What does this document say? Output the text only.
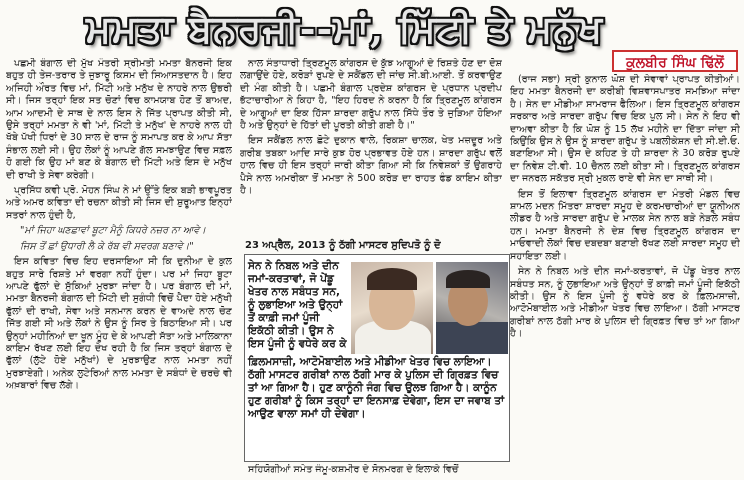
ਮਮਤਾ ਬੈਨਰਜੀ--ਮਾਂ, ਮਿੱਟੀ ਤੇ ਮਨੁੱਖ
ਕੁਲਬੀਰ ਸਿੰਘ ਢਿੱਲੋਂ

ਪਛਮੀ ਬੰਗਾਲ ਦੀ ਮੁੱਖ ਮੰਤਰੀ ਸ੍ਰੀਮਤੀ ਮਮਤਾ ਬੈਨਰਜੀ ਇਕ ਬਹੁਤ ਹੀ ਤੇਜ-ਤਰਾਰ ਤੇ ਜੁਝਾਰੂ ਕਿਸਮ ਦੀ ਸਿਆਸਤਦਾਨ ਹੈ। ਇਹ ਅਜਿਹੀ ਔਰਤ ਵਿਚ ਮਾਂ, ਮਿੱਟੀ ਅਤੇ ਮਨੁੱਖ ਦੇ ਨਾਹਰੇ ਨਾਲ ਉਭਰੀ ਸੀ। ਜਿਸ ਤਰ੍ਹਾਂ ਇਕ ਸਤ ਚੋਣਾਂ ਵਿਚ ਕਾਮਯਾਬ ਹੋਣ ਤੋਂ ਬਾਅਦ, ਆਮ ਆਦਮੀ ਦੇ ਸਾਥ ਦੇ ਨਾਲ ਇਸ ਨੇ ਜਿੱਤ ਪ੍ਰਾਪਤ ਕੀਤੀ ਸੀ, ਉਸੇ ਤਰ੍ਹਾਂ ਮਮਤਾ ਨੇ ਵੀ 'ਮਾਂ, ਮਿੱਟੀ ਤੇ ਮਨੁੱਖ' ਦੇ ਨਾਹਰੇ ਨਾਲ ਹੀ ਖੱਬੇ ਪੱਖੀ ਧਿਰਾਂ ਦੇ 30 ਸਾਲ ਦੇ ਰਾਜ ਨੂੰ ਸਮਾਪਤ ਕਰ ਕੇ ਆਪ ਸੱਤਾ ਸੰਭਾਲ ਲਈ ਸੀ। ਉਹ ਲੋਕਾਂ ਨੂੰ ਆਪਣੇ ਗੱਲ ਸਮਝਾਉਣ ਵਿਚ ਸਫ਼ਲ ਹੋ ਗਈ ਕਿ ਉਹ ਮਾਂ ਬਣ ਕੇ ਬੰਗਾਲ ਦੀ ਮਿੱਟੀ ਅਤੇ ਇਸ ਦੇ ਮਨੁੱਖ ਦੀ ਰਾਖੀ ਤੇ ਸੇਵਾ ਕਰੇਗੀ।

ਪ੍ਰਸਿੱਧ ਕਵੀ ਪ੍ਰੋ. ਮੋਹਨ ਸਿੰਘ ਨੇ ਮਾਂ ਉੱਤੇ ਇਕ ਬੜੀ ਭਾਵਪੂਰਤ ਅਤੇ ਅਮਰ ਕਵਿਤਾ ਦੀ ਰਚਨਾ ਕੀਤੀ ਸੀ ਜਿਸ ਦੀ ਸ਼ੁਰੂਆਤ ਇਨ੍ਹਾਂ ਸਤਰਾਂ ਨਾਲ ਹੁੰਦੀ ਹੈ,

"ਮਾਂ ਜਿਹਾ ਘਣਛਾਵਾਂ ਬੂਟਾ ਮੈਨੂੰ ਕਿਧਰੇ ਨਜ਼ਰ ਨਾ ਆਵੇ।

ਜਿਸ ਤੋਂ ਛਾਂ ਉਧਾਰੀ ਲੈ ਕੇ ਰੱਬ ਵੀ ਸਵਰਗ ਬਣਾਵੇ।"

ਇਸ ਕਵਿਤਾ ਵਿਚ ਇਹ ਦਰਸਾਇਆ ਸੀ ਕਿ ਦੁਨੀਆ ਦੇ ਕੁਲ ਬਹੁਤ ਸਾਰੇ ਰਿਸ਼ਤੇ ਮਾਂ ਵਰਗਾ ਨਹੀਂ ਹੁੰਦਾ। ਪਰ ਮਾਂ ਜਿਹਾ ਬੂਟਾ ਆਪਣੇ ਫੁੱਲਾਂ ਦੇ ਸੁੱਕਿਆਂ ਮੁਰਝਾ ਜਾਂਦਾ ਹੈ। ਪਰ ਬੰਗਾਲ ਦੀ ਮਾਂ, ਮਮਤਾ ਬੈਨਰਜੀ ਬੰਗਾਲ ਦੀ ਮਿੱਟੀ ਦੀ ਸੁਗੰਧੀ ਵਿਚੋਂ ਪੈਦਾ ਹੋਏ ਮਨੁੱਖੀ ਫੁੱਲਾਂ ਦੀ ਰਾਖੀ, ਸੇਵਾ ਅਤੇ ਸਨਮਾਨ ਕਰਨ ਦੇ ਵਾਅਦੇ ਨਾਲ ਚੋਣ ਜਿੱਤ ਗਈ ਸੀ ਅਤੇ ਲੋਕਾਂ ਨੇ ਉਸ ਨੂੰ ਸਿਰ ਤੇ ਬਿਠਾਇਆ ਸੀ। ਪਰ ਉਨ੍ਹਾਂ ਮਹੀਨਿਆਂ ਦਾ ਖੂਨ ਮੂੰਹ ਦੇ ਕੇ ਆਪਣੀ ਸੱਤਾ ਅਤੇ ਮਾਲਿਕਾਨਾ ਕਾਇਮ ਰੱਖਣ ਲਈ ਇਹ ਦੇਖ ਰਹੀ ਹੈ ਕਿ ਜਿਸ ਤਰ੍ਹਾਂ ਬੰਗਾਲ ਦੇ ਫੁੱਲਾਂ (ਲੁੱਟੇ ਹੋਏ ਮਨੁੱਖਾਂ) ਦੇ ਮੁਰਝਾਉਣ ਨਾਲ ਮਮਤਾ ਨਹੀਂ ਮੁਰਝਾਏਗੀ। ਅਨੇਕ ਲੁਟੇਰਿਆਂ ਨਾਲ ਮਮਤਾ ਦੇ ਸਬੰਧਾਂ ਦੇ ਚਰਚੇ ਵੀ ਅਖ਼ਬਾਰਾਂ ਵਿਚ ਲੱਗੇ।

ਨਾਲ ਸੰਤਾਧਾਰੀ ਤ੍ਰਿਣਮੂਲ ਕਾਂਗਰਸ ਦੇ ਕੁੱਝ ਆਗੂਆਂ ਦੇ ਰਿਸ਼ਤੇ ਹੋਣ ਦਾ ਦੋਸ਼ ਲਗਾਉਂਦੇ ਹੋਏ, ਕਰੋੜਾਂ ਰੁਪਏ ਦੇ ਸਕੈਂਡਲ ਦੀ ਜਾਂਚ ਸੀ.ਬੀ.ਆਈ. ਤੋਂ ਕਰਵਾਉਣ ਦੀ ਮੰਗ ਕੀਤੀ ਹੈ। ਪਛਮੀ ਬੰਗਾਲ ਪ੍ਰਦੇਸ਼ ਕਾਂਗਰਸ ਦੇ ਪ੍ਰਧਾਨ ਪ੍ਰਦੀਪ ਭੱਟਾਚਾਰੀਆ ਨੇ ਕਿਹਾ ਹੈ, "ਇਹ ਹਿਰਦ ਨੇ ਕਰਨਾ ਹੈ ਕਿ ਤ੍ਰਿਣਮੂਲ ਕਾਂਗਰਸ ਦੇ ਆਗੂਆਂ ਦਾ ਇਕ ਹਿੱਸਾ ਸ਼ਾਰਦਾ ਗਰੁੱਪ ਨਾਲ ਸਿੱਧੇ ਤੌਰ ਤੇ ਜੁੜਿਆ ਹੋਇਆ ਹੈ ਅਤੇ ਉਨ੍ਹਾਂ ਦੇ ਹਿੱਤਾਂ ਦੀ ਪੂਰਤੀ ਕੀਤੀ ਗਈ ਹੈ।"

ਇਸ ਸਕੈਂਡਲ ਨਾਲ ਛੋਟੇ ਦੁਕਾਨ ਵਾਲੇ, ਰਿਕਸ਼ਾ ਚਾਲਕ, ਖੇਤ ਮਜ਼ਦੂਰ ਅਤੇ ਗਰੀਬ ਤਬਕਾ ਆਦਿ ਸਾਰੇ ਕੁਝ ਹੋਰ ਪ੍ਰਭਾਵਤ ਹੋਏ ਹਨ। ਸ਼ਾਰਦਾ ਗਰੁੱਪ ਵਲੋਂ ਹਾਲ ਵਿਚ ਹੀ ਇਸ ਤਰ੍ਹਾਂ ਜਾਰੀ ਕੀਤਾ ਗਿਆ ਸੀ ਕਿ ਨਿਵੇਸ਼ਕਾਂ ਤੋਂ ਉਗਰਾਹੇ ਪੈਸੇ ਨਾਲ ਅਮਰੀਕਾ ਤੋਂ ਮਮਤਾ ਨੇ 500 ਕਰੋੜ ਦਾ ਰਾਹਤ ਫੰਡ ਕਾਇਮ ਕੀਤਾ ਹੈ।

23 ਅਪ੍ਰੈਲ, 2013 ਨੂੰ ਠੱਗੀ ਮਾਸਟਰ ਸੁਦਿਪਤੋ ਨੂੰ ਦੋ
ਸੇਨ ਨੇ ਨਿਬਲ ਅਤੇ ਦੀਨ ਜਮਾਂ-ਕਰਤਾਵਾਂ, ਜੋ ਪੇਂਡੂ ਖੇਤਰ ਨਾਲ ਸਬੰਧਤ ਸਨ, ਨੂੰ ਲੁਭਾਇਆ ਅਤੇ ਉਨ੍ਹਾਂ ਤੋਂ ਕਾਫ਼ੀ ਜਮਾਂ ਪੂੰਜੀ ਇਕੱਠੀ ਕੀਤੀ। ਉਸ ਨੇ ਇਸ ਪੂੰਜੀ ਨੂੰ ਵਧੇਰੇ ਕਰ ਕੇ
ਫ਼ਿਲਮਸਾਜ਼ੀ, ਆਟੋਮੋਬਾਈਲ ਅਤੇ ਮੀਡੀਆ ਖੇਤਰ ਵਿਚ ਲਾਇਆ। ਠੱਗੀ ਮਾਸਟਰ ਗਰੀਬਾਂ ਨਾਲ ਠੱਗੀ ਮਾਰ ਕੇ ਪੁਲਿਸ ਦੀ ਗ੍ਰਿਫ਼ਤ ਵਿਚ ਤਾਂ ਆ ਗਿਆ ਹੈ। ਹੁਣ ਕਾਨੂੰਨੀ ਜੰਗ ਵਿਚ ਉਲਝ ਗਿਆ ਹੈ। ਕਾਨੂੰਨ ਹੁਣ ਗਰੀਬਾਂ ਨੂੰ ਕਿਸ ਤਰ੍ਹਾਂ ਦਾ ਇਨਸਾਫ਼ ਦੇਵੇਗਾ, ਇਸ ਦਾ ਜਵਾਬ ਤਾਂ ਆਉਣ ਵਾਲਾ ਸਮਾਂ ਹੀ ਦੇਵੇਗਾ।
ਸਹਿਯੋਗੀਆਂ ਸਮੇਤ ਜੰਮੂ-ਕਸ਼ਮੀਰ ਦੇ ਸੋਨਮਰਗ ਦੇ ਇਲਾਕੇ ਵਿਚੋਂ

(ਰਾਜ ਸਭਾ) ਸ੍ਰੀ ਕੁਨਾਲ ਘੋਸ਼ ਦੀ ਸੇਵਾਵਾਂ ਪ੍ਰਾਪਤ ਕੀਤੀਆਂ। ਇਹ ਮਮਤਾ ਬੈਨਰਜੀ ਦਾ ਕਰੀਬੀ ਵਿਸ਼ਵਾਸਪਾਤਰ ਸਮਝਿਆ ਜਾਂਦਾ ਹੈ। ਸੇਨ ਦਾ ਮੀਡੀਆ ਸਾਮਰਾਜ ਫੈਲਿਆ। ਇਸ ਤ੍ਰਿਣਮੂਲ ਕਾਂਗਰਸ ਸਰਕਾਰ ਅਤੇ ਸਾਰਦਾ ਗਰੁੱਪ ਵਿਚ ਇਕ ਪੁਲ ਸੀ। ਸੇਨ ਨੇ ਇਹ ਵੀ ਦਾਅਵਾ ਕੀਤਾ ਹੈ ਕਿ ਘੋਸ਼ ਨੂੰ 15 ਲੱਖ ਮਹੀਨੇ ਦਾ ਦਿੱਤਾ ਜਾਂਦਾ ਸੀ ਕਿਉਂਕਿ ਉਸ ਨੇ ਉਸ ਨੂੰ ਸ਼ਾਰਦਾ ਗਰੁੱਪ ਤੇ ਪਬਲੀਕੇਸ਼ਨ ਦੀ ਸੀ.ਈ.ਓ. ਬਣਾਇਆ ਸੀ। ਉਸ ਦੇ ਕਹਿਣ ਤੇ ਹੀ ਸ਼ਾਰਦਾ ਨੇ 30 ਕਰੋੜ ਰੁਪਏ ਦਾ ਨਿਵੇਸ਼ ਟੀ.ਵੀ. 10 ਚੈਨਲ ਲਈ ਕੀਤਾ ਸੀ। ਤ੍ਰਿਣਮੂਲ ਕਾਂਗਰਸ ਦਾ ਜਨਰਲ ਸਕੱਤਰ ਸ੍ਰੀ ਮੁਕਲ ਰਾਏ ਵੀ ਸੇਨ ਦਾ ਸਾਥੀ ਸੀ।

ਇਸ ਤੋਂ ਇਲਾਵਾ ਤ੍ਰਿਣਮੂਲ ਕਾਂਗਰਸ ਦਾ ਮੰਤਰੀ ਮੰਡਲ ਵਿਚ ਸ਼ਾਮਲ ਮਦਨ ਮਿੱਤਰਾ ਸ਼ਾਰਦਾ ਸਮੂਹ ਦੇ ਕਰਮਚਾਰੀਆਂ ਦਾ ਯੂਨੀਅਨ ਲੀਡਰ ਹੈ ਅਤੇ ਸਾਰਦਾ ਗਰੁੱਪ ਦੇ ਮਾਲਕ ਸੇਨ ਨਾਲ ਬੜੇ ਨੇੜਲੇ ਸਬੰਧ ਹਨ। ਮਮਤਾ ਬੈਨਰਜੀ ਨੇ ਦੇਸ਼ ਵਿਚ ਤ੍ਰਿਣਮੂਲ ਕਾਂਗਰਸ ਦਾ ਮਾਓਵਾਦੀ ਲੋਕਾਂ ਵਿਚ ਦਬਦਬਾ ਬਣਾਈ ਰੱਖਣ ਲਈ ਸਾਰਦਾ ਸਮੂਹ ਦੀ ਸਹਾਇਤਾ ਲਈ।

ਸੇਨ ਨੇ ਨਿਬਲ ਅਤੇ ਦੀਨ ਜਮਾਂ-ਕਰਤਾਵਾਂ, ਜੋ ਪੇਂਡੂ ਖੇਤਰ ਨਾਲ ਸਬੰਧਤ ਸਨ, ਨੂੰ ਲੁਭਾਇਆ ਅਤੇ ਉਨ੍ਹਾਂ ਤੋਂ ਕਾਫ਼ੀ ਜਮਾਂ ਪੂੰਜੀ ਇਕੱਠੀ ਕੀਤੀ। ਉਸ ਨੇ ਇਸ ਪੂੰਜੀ ਨੂੰ ਵਧੇਰੇ ਕਰ ਕੇ ਫ਼ਿਲਮਸਾਜ਼ੀ, ਆਟੋਮੋਬਾਈਲ ਅਤੇ ਮੀਡੀਆ ਖੇਤਰ ਵਿਚ ਲਾਇਆ। ਠੱਗੀ ਮਾਸਟਰ ਗਰੀਬਾਂ ਨਾਲ ਠੱਗੀ ਮਾਰ ਕੇ ਪੁਲਿਸ ਦੀ ਗ੍ਰਿਫ਼ਤ ਵਿਚ ਤਾਂ ਆ ਗਿਆ ਹੈ।
